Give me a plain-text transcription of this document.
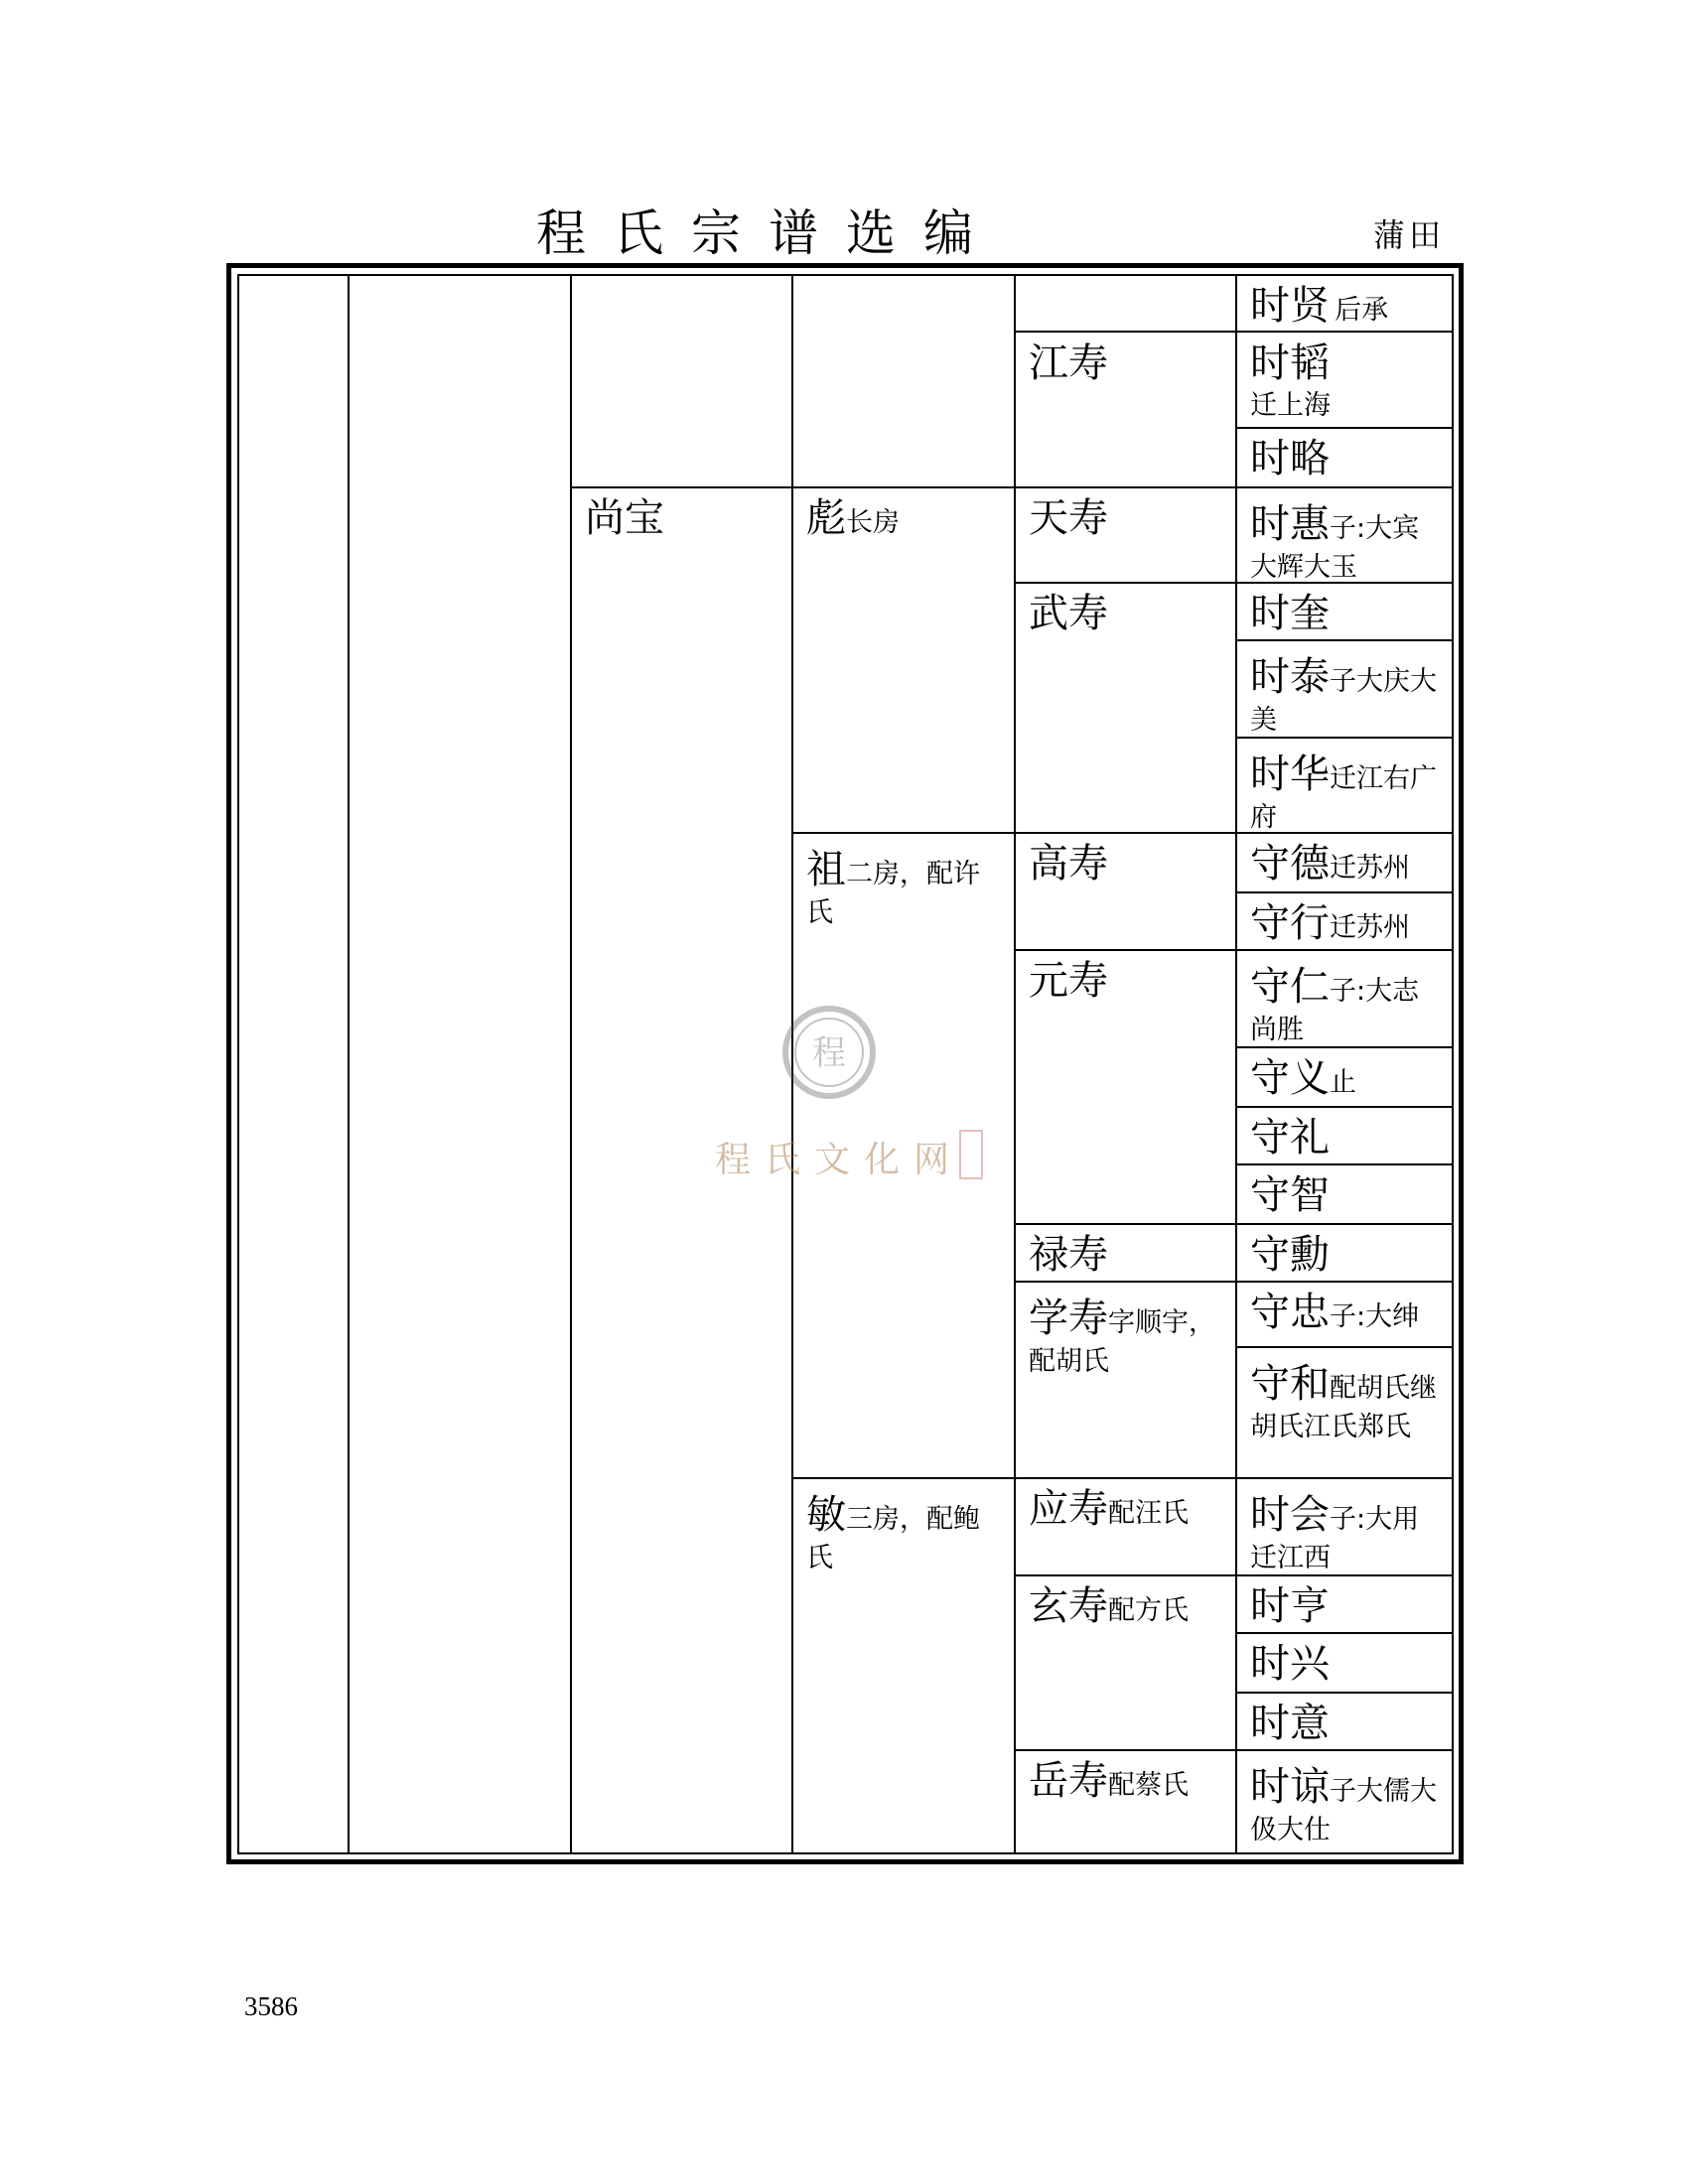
程氏宗谱选编	蒲田
程
程氏文化网
尚宝	彪长房
祖二房，配许氏
敏三房，配鲍氏
江寿
天寿
武寿
高寿
元寿
禄寿
学寿字顺宇，配胡氏
应寿配汪氏
玄寿配方氏
岳寿配蔡氏
时贤 后承
时韬
迁上海
时略
时惠子:大宾大辉大玉
时奎
时泰子大庆大美
时华迁江右广府
守德迁苏州
守行迁苏州
守仁子:大志尚胜
守义止
守礼
守智
守勳
守忠子:大绅
守和配胡氏继胡氏江氏郑氏
时会子:大用迁江西
时亨
时兴
时意
时谅子大儒大伋大仕
3586
